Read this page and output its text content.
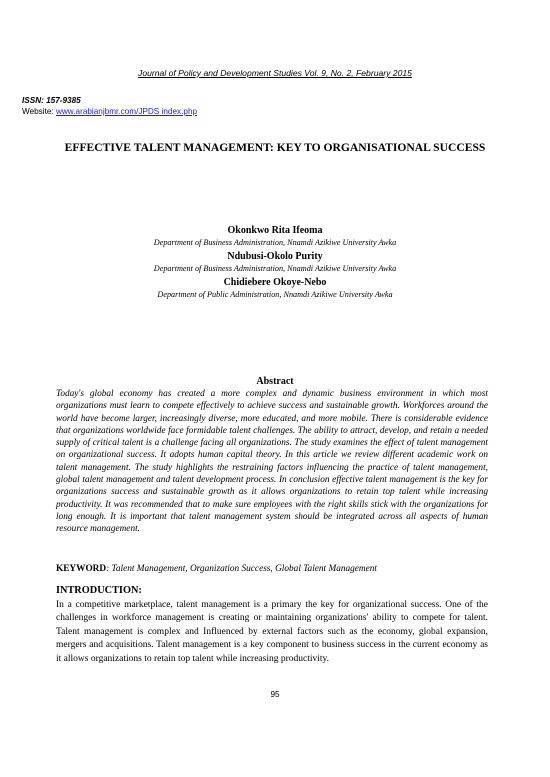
Journal of Policy and Development Studies Vol. 9, No. 2, February 2015
ISSN: 157-9385
Website: www.arabianjbmr.com/JPDS index.php
EFFECTIVE TALENT MANAGEMENT: KEY TO ORGANISATIONAL SUCCESS
Okonkwo Rita Ifeoma
Department of Business Administration, Nnamdi Azikiwe University Awka
Ndubusi-Okolo Purity
Department of Business Administration, Nnamdi Azikiwe University Awka
Chidiebere Okoye-Nebo
Department of Public Administration, Nnamdi Azikiwe University Awka
Abstract
Today's global economy has created a more complex and dynamic business environment in which most organizations must learn to compete effectively to achieve success and sustainable growth. Workforces around the world have become larger, increasingly diverse, more educated, and more mobile. There is considerable evidence that organizations worldwide face formidable talent challenges. The ability to attract, develop, and retain a needed supply of critical talent is a challenge facing all organizations. The study examines the effect of talent management on organizational success. It adopts human capital theory. In this article we review different academic work on talent management. The study highlights the restraining factors influencing the practice of talent management, global talent management and talent development process. In conclusion effective talent management is the key for organizations success and sustainable growth as it allows organizations to retain top talent while increasing productivity. It was recommended that to make sure employees with the right skills stick with the organizations for long enough. It is important that talent management system should be integrated across all aspects of human resource management.
KEYWORD: Talent Management, Organization Success, Global Talent Management
INTRODUCTION:
In a competitive marketplace, talent management is a primary the key for organizational success. One of the challenges in workforce management is creating or maintaining organizations' ability to compete for talent. Talent management is complex and Influenced by external factors such as the economy, global expansion, mergers and acquisitions. Talent management is a key component to business success in the current economy as it allows organizations to retain top talent while increasing productivity.
95
